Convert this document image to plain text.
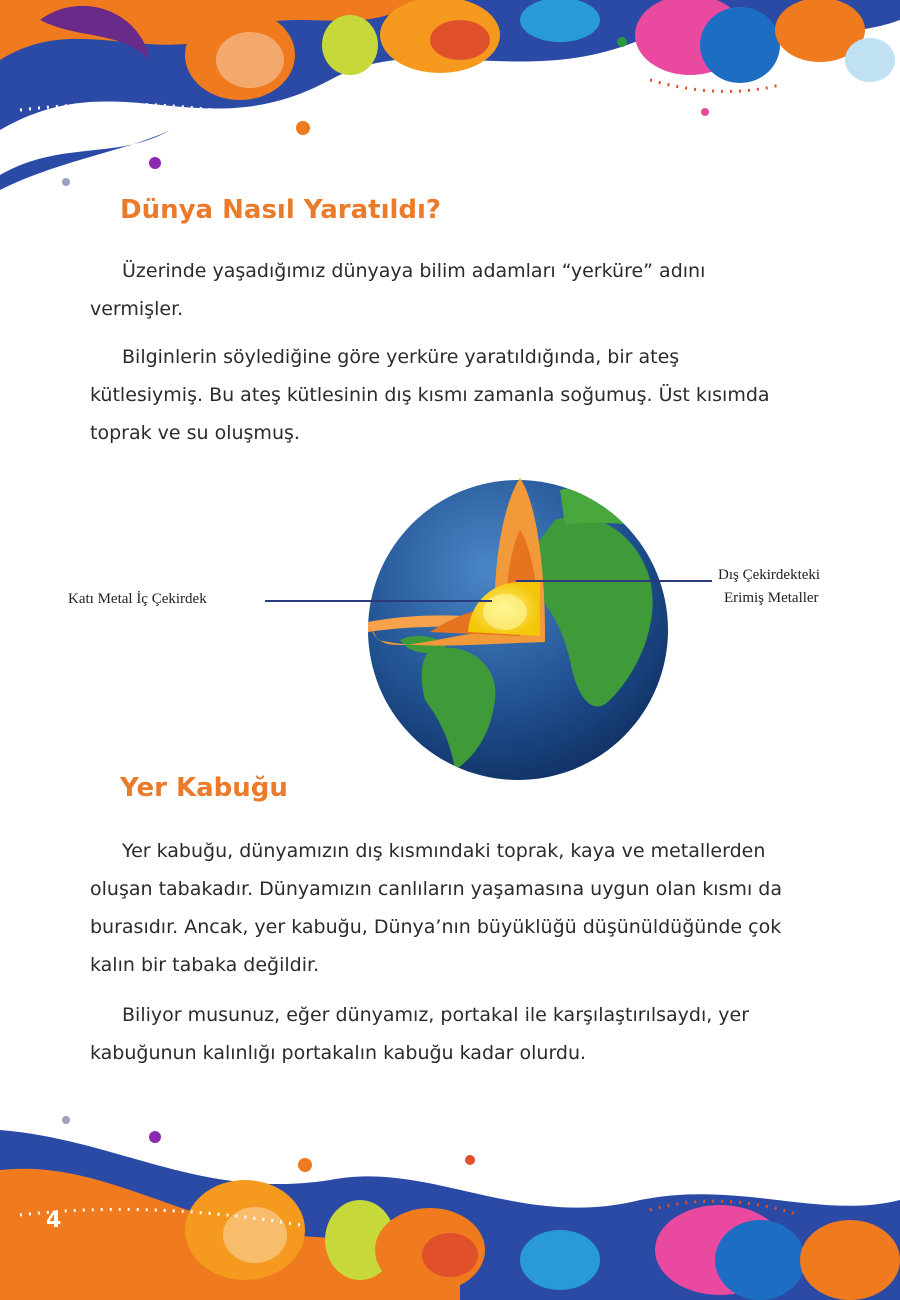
Dünya Nasıl Yaratıldı?

Üzerinde yaşadığımız dünyaya bilim adamları “yerküre” adını vermişler.

Bilginlerin söylediğine göre yerküre yaratıldığında, bir ateş kütlesiymiş. Bu ateş kütlesinin dış kısmı zamanla soğumuş. Üst kısımda toprak ve su oluşmuş.

Katı Metal İç Çekirdek
Dış Çekirdekteki
Erimiş Metaller
Yer Kabuğu

Yer kabuğu, dünyamızın dış kısmındaki toprak, kaya ve metallerden oluşan tabakadır. Dünyamızın canlıların yaşamasına uygun olan kısmı da burasıdır. Ancak, yer kabuğu, Dünya’nın büyüklüğü düşünüldüğünde çok kalın bir tabaka değildir.

Biliyor musunuz, eğer dünyamız, portakal ile karşılaştırılsaydı, yer kabuğunun kalınlığı portakalın kabuğu kadar olurdu.

4
